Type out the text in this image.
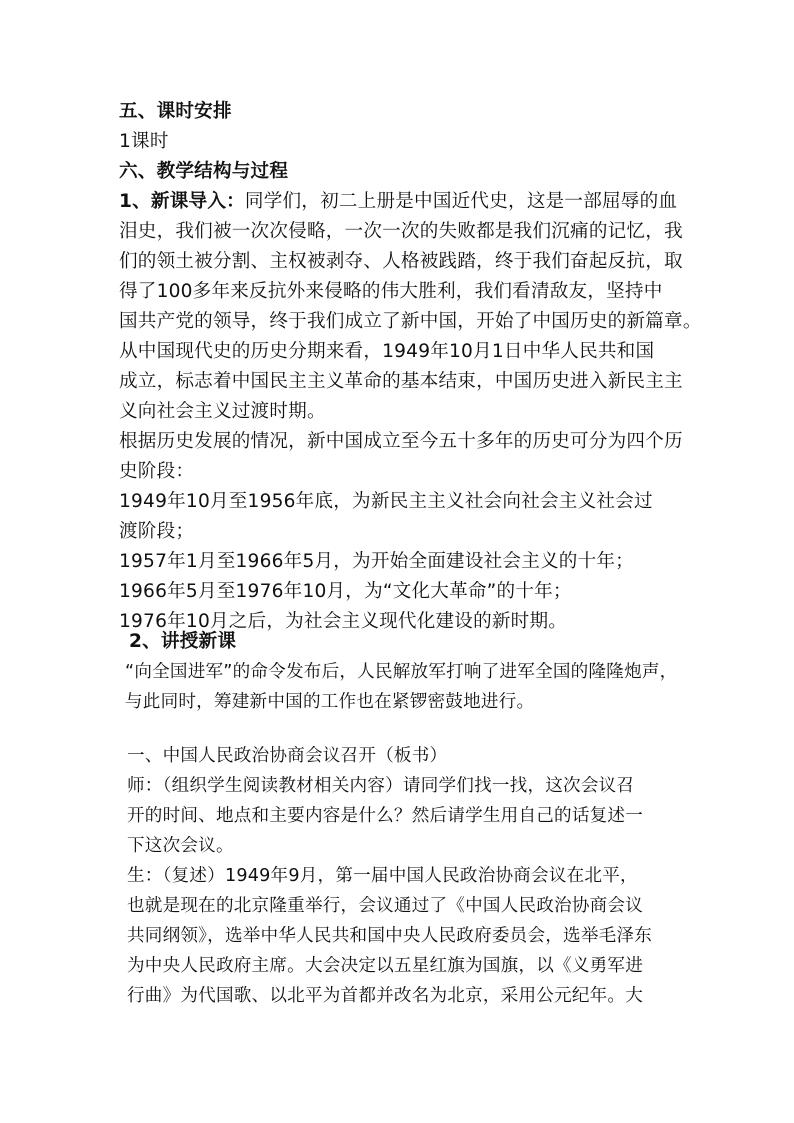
五、课时安排
1课时
六、教学结构与过程
1、新课导入：同学们，初二上册是中国近代史，这是一部屈辱的血
泪史，我们被一次次侵略，一次一次的失败都是我们沉痛的记忆，我
们的领土被分割、主权被剥夺、人格被践踏，终于我们奋起反抗，取
得了100多年来反抗外来侵略的伟大胜利，我们看清敌友，坚持中
国共产党的领导，终于我们成立了新中国，开始了中国历史的新篇章。
从中国现代史的历史分期来看，1949年10月1日中华人民共和国
成立，标志着中国民主主义革命的基本结束，中国历史进入新民主主
义向社会主义过渡时期。
根据历史发展的情况，新中国成立至今五十多年的历史可分为四个历
史阶段：
1949年10月至1956年底，为新民主主义社会向社会主义社会过
渡阶段；
1957年1月至1966年5月，为开始全面建设社会主义的十年；
1966年5月至1976年10月，为“文化大革命”的十年；
1976年10月之后，为社会主义现代化建设的新时期。
2、讲授新课
“向全国进军”的命令发布后，人民解放军打响了进军全国的隆隆炮声，
与此同时，筹建新中国的工作也在紧锣密鼓地进行。
一、中国人民政治协商会议召开（板书）
师：（组织学生阅读教材相关内容）请同学们找一找，这次会议召
开的时间、地点和主要内容是什么？然后请学生用自己的话复述一
下这次会议。
生：（复述）1949年9月，第一届中国人民政治协商会议在北平，
也就是现在的北京隆重举行，会议通过了《中国人民政治协商会议
共同纲领》，选举中华人民共和国中央人民政府委员会，选举毛泽东
为中央人民政府主席。大会决定以五星红旗为国旗，以《义勇军进
行曲》为代国歌、以北平为首都并改名为北京，采用公元纪年。大
